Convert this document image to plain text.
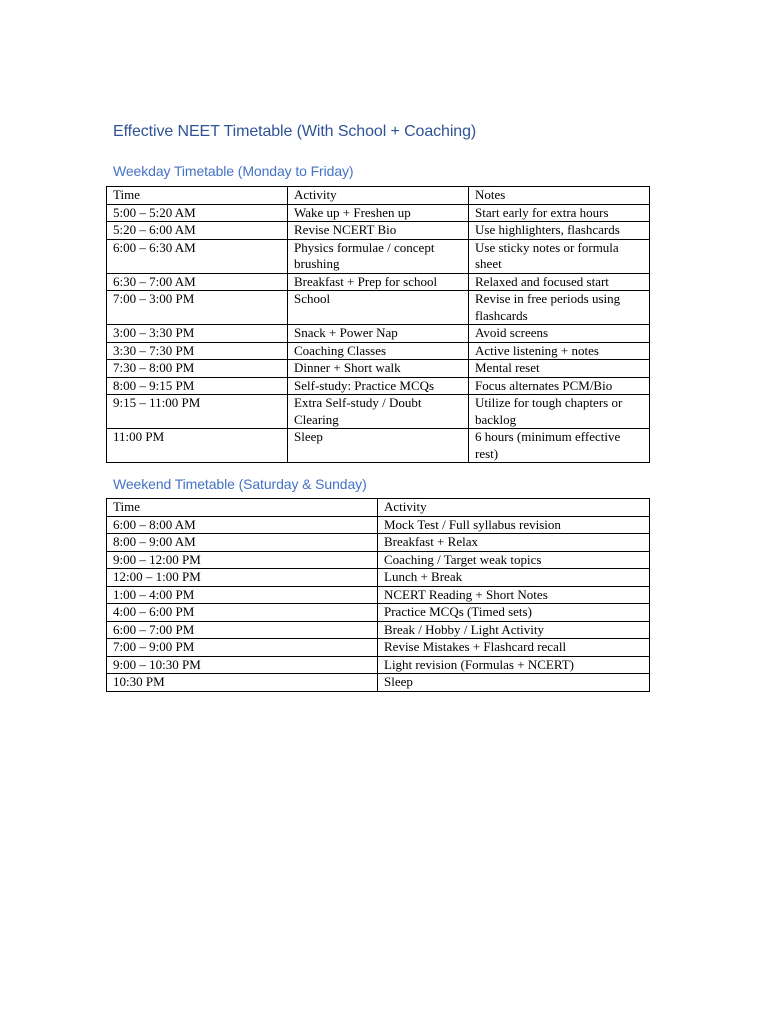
Effective NEET Timetable (With School + Coaching)
Weekday Timetable (Monday to Friday)
Time	Activity	Notes
5:00 – 5:20 AM	Wake up + Freshen up	Start early for extra hours
5:20 – 6:00 AM	Revise NCERT Bio	Use highlighters, flashcards
6:00 – 6:30 AM	Physics formulae / concept brushing	Use sticky notes or formula sheet
6:30 – 7:00 AM	Breakfast + Prep for school	Relaxed and focused start
7:00 – 3:00 PM	School	Revise in free periods using flashcards
3:00 – 3:30 PM	Snack + Power Nap	Avoid screens
3:30 – 7:30 PM	Coaching Classes	Active listening + notes
7:30 – 8:00 PM	Dinner + Short walk	Mental reset
8:00 – 9:15 PM	Self-study: Practice MCQs	Focus alternates PCM/Bio
9:15 – 11:00 PM	Extra Self-study / Doubt Clearing	Utilize for tough chapters or backlog
11:00 PM	Sleep	6 hours (minimum effective rest)
Weekend Timetable (Saturday & Sunday)
Time	Activity
6:00 – 8:00 AM	Mock Test / Full syllabus revision
8:00 – 9:00 AM	Breakfast + Relax
9:00 – 12:00 PM	Coaching / Target weak topics
12:00 – 1:00 PM	Lunch + Break
1:00 – 4:00 PM	NCERT Reading + Short Notes
4:00 – 6:00 PM	Practice MCQs (Timed sets)
6:00 – 7:00 PM	Break / Hobby / Light Activity
7:00 – 9:00 PM	Revise Mistakes + Flashcard recall
9:00 – 10:30 PM	Light revision (Formulas + NCERT)
10:30 PM	Sleep
